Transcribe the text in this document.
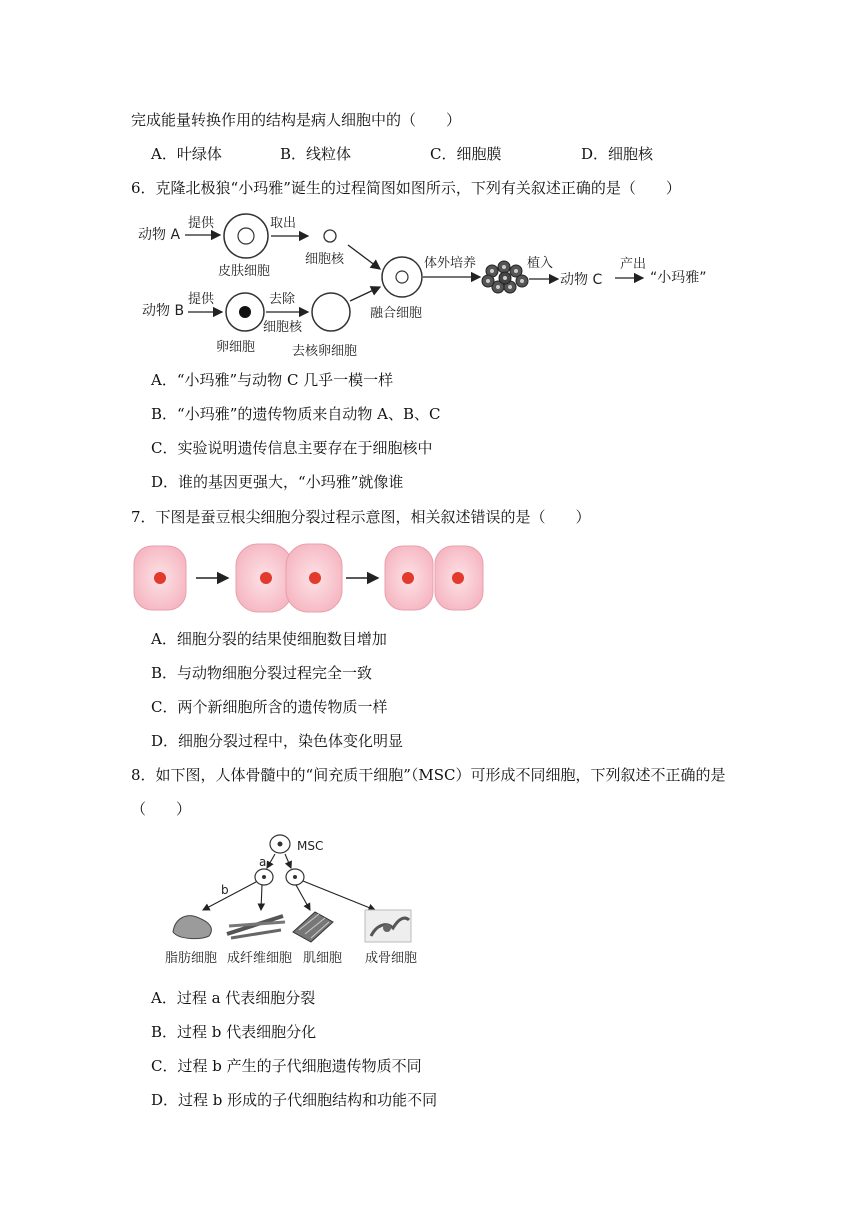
完成能量转换作用的结构是病人细胞中的（　　）
A．叶绿体	B．线粒体	C．细胞膜	D．细胞核
6．克隆北极狼“小玛雅”诞生的过程简图如图所示，下列有关叙述正确的是（　　）
动物 A
提供
皮肤细胞
取出
细胞核
动物 B
提供
卵细胞
去除
细胞核
去核卵细胞
融合细胞
体外培养	植入
动物 C
产出
“小玛雅”
A．“小玛雅”与动物 C 几乎一模一样
B．“小玛雅”的遗传物质来自动物 A、B、C
C．实验说明遗传信息主要存在于细胞核中
D．谁的基因更强大，“小玛雅”就像谁
7．下图是蚕豆根尖细胞分裂过程示意图，相关叙述错误的是（　　）
A．细胞分裂的结果使细胞数目增加
B．与动物细胞分裂过程完全一致
C．两个新细胞所含的遗传物质一样
D．细胞分裂过程中，染色体变化明显
8．如下图，人体骨髓中的“间充质干细胞”（MSC）可形成不同细胞，下列叙述不正确的是
（　　）
MSC
a
b
脂肪细胞 成纤维细胞 肌细胞 成骨细胞
A．过程 a 代表细胞分裂
B．过程 b 代表细胞分化
C．过程 b 产生的子代细胞遗传物质不同
D．过程 b 形成的子代细胞结构和功能不同
